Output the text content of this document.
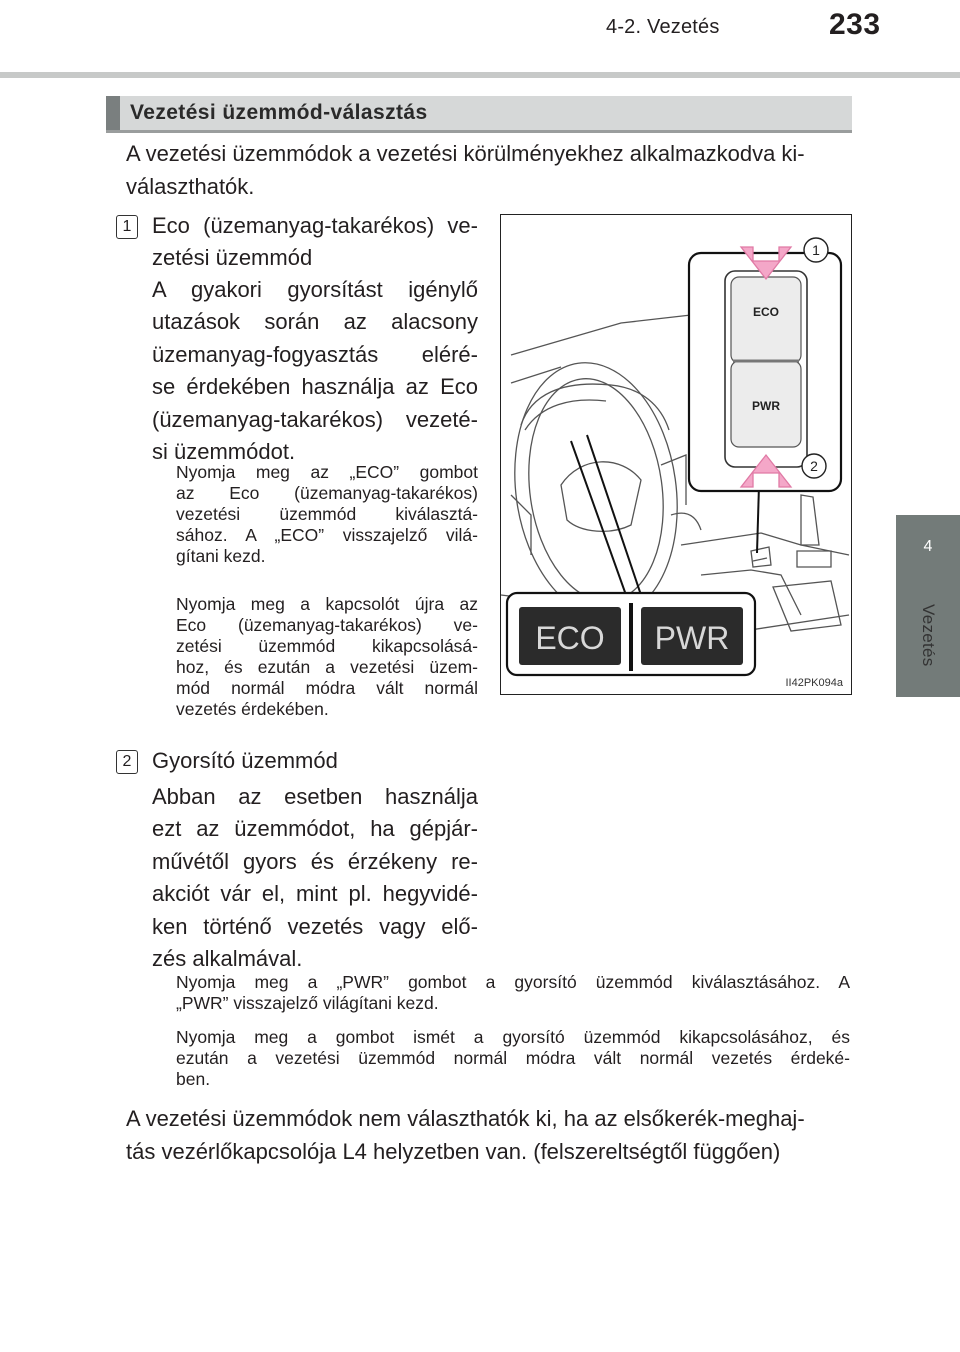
4-2. Vezetés	233
4
Vezetés
Vezetési üzemmód-választás
A vezetési üzemmódok a vezetési körülményekhez alkalmazkodva ki-
választhatók.
1 Eco (üzemanyag-takarékos) ve-
zetési üzemmód
A gyakori gyorsítást igénylő
utazások során az alacsony
üzemanyag-fogyasztás eléré-
se érdekében használja az Eco
(üzemanyag-takarékos) vezeté-
si üzemmódot.
Nyomja meg az „ECO” gombot
az Eco (üzemanyag-takarékos)
vezetési üzemmód kiválasztá-
sához. A „ECO” visszajelző vilá-
gítani kezd.
Nyomja meg a kapcsolót újra az
Eco (üzemanyag-takarékos) ve-
zetési üzemmód kikapcsolásá-
hoz, és ezután a vezetési üzem-
mód normál módra vált normál
vezetés érdekében.
2 Gyorsító üzemmód
Abban az esetben használja
ezt az üzemmódot, ha gépjár-
művétől gyors és érzékeny re-
akciót vár el, mint pl. hegyvidé-
ken történő vezetés vagy elő-
zés alkalmával.
Nyomja meg a „PWR” gombot a gyorsító üzemmód kiválasztásához. A
„PWR” visszajelző világítani kezd.
Nyomja meg a gombot ismét a gyorsító üzemmód kikapcsolásához, és
ezután a vezetési üzemmód normál módra vált normál vezetés érdeké-
ben.
A vezetési üzemmódok nem választhatók ki, ha az elsőkerék-meghaj-
tás vezérlőkapcsolója L4 helyzetben van. (felszereltségtől függően)
ECO
PWR
1
2
ECO PWR
II42PK094a
